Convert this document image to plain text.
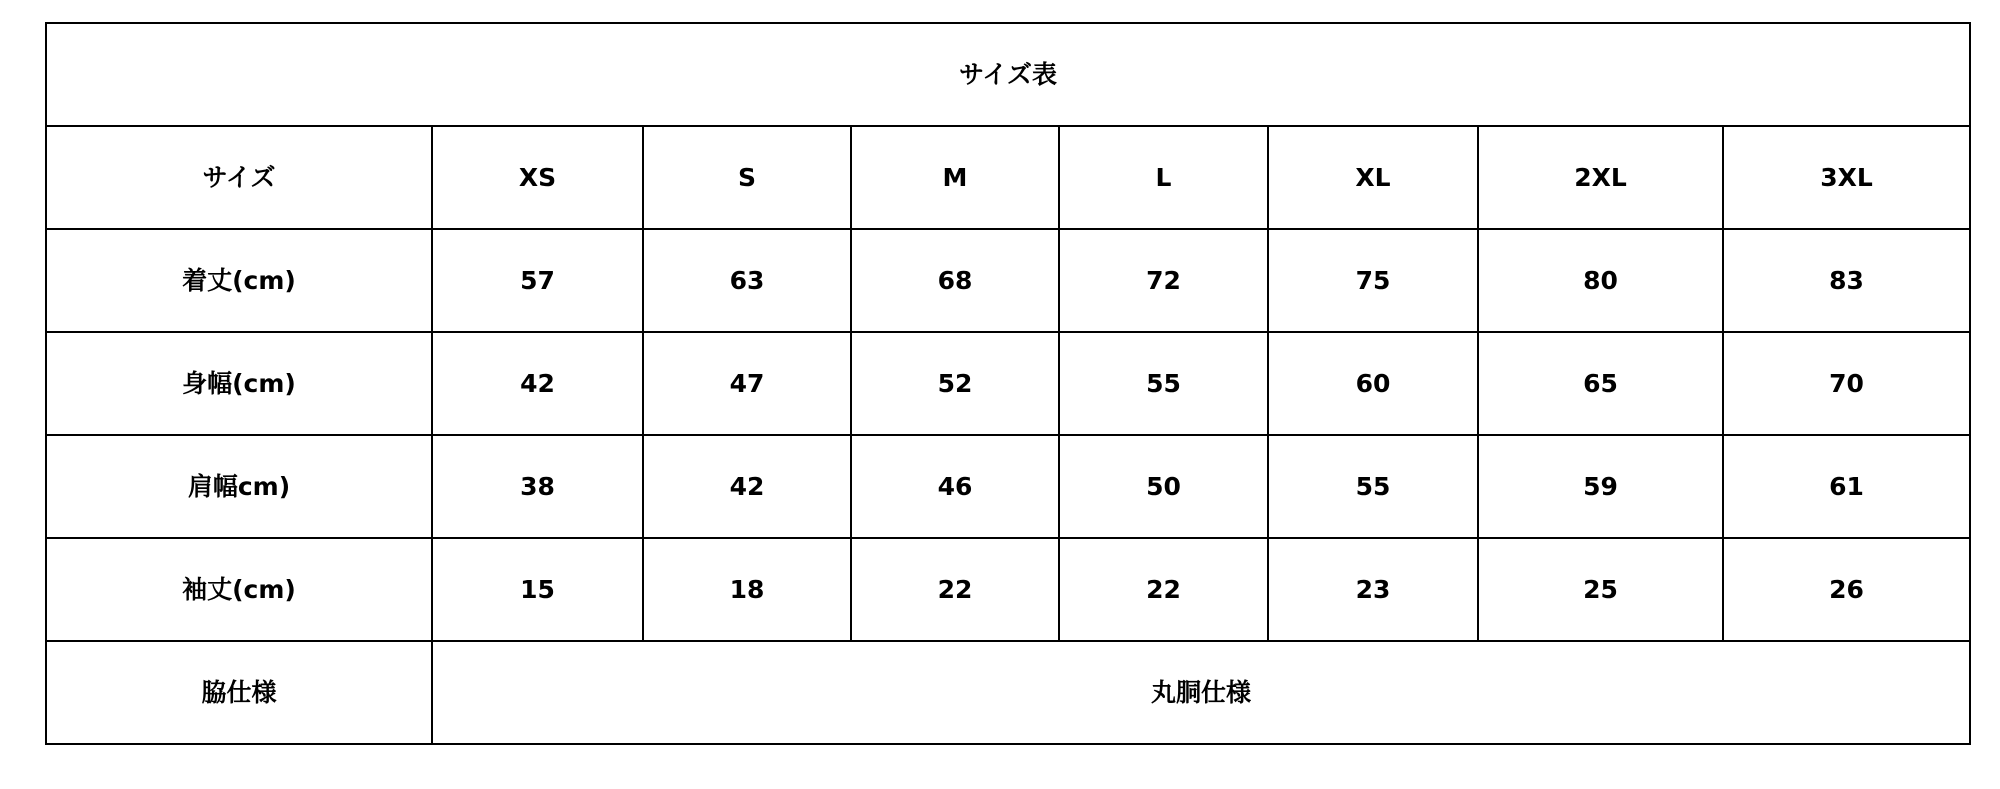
サイズ表							
サイズ	XS	S	M	L	XL	2XL	3XL
着丈(cm)	57	63	68	72	75	80	83
身幅(cm)	42	47	52	55	60	65	70
肩幅cm)	38	42	46	50	55	59	61
袖丈(cm)	15	18	22	22	23	25	26
脇仕様	丸胴仕様						
